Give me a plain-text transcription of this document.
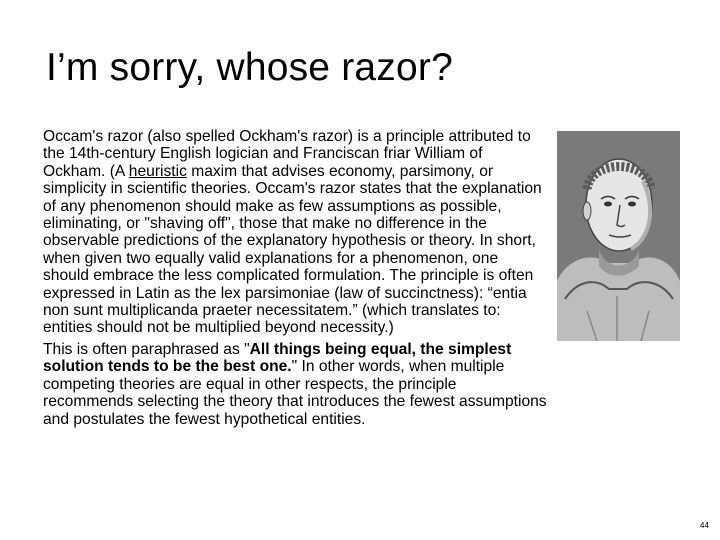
I’m sorry, whose razor?

Occam's razor (also spelled Ockham's razor) is a principle attributed to the 14th-century English logician and Franciscan friar William of Ockham. (A heuristic maxim that advises economy, parsimony, or simplicity in scientific theories. Occam's razor states that the explanation of any phenomenon should make as few assumptions as possible, eliminating, or "shaving off", those that make no difference in the observable predictions of the explanatory hypothesis or theory. In short, when given two equally valid explanations for a phenomenon, one should embrace the less complicated formulation. The principle is often expressed in Latin as the lex parsimoniae (law of succinctness): “entia non sunt multiplicanda praeter necessitatem.” (which translates to: entities should not be multiplied beyond necessity.)

This is often paraphrased as "All things being equal, the simplest solution tends to be the best one." In other words, when multiple competing theories are equal in other respects, the principle recommends selecting the theory that introduces the fewest assumptions and postulates the fewest hypothetical entities.

44
